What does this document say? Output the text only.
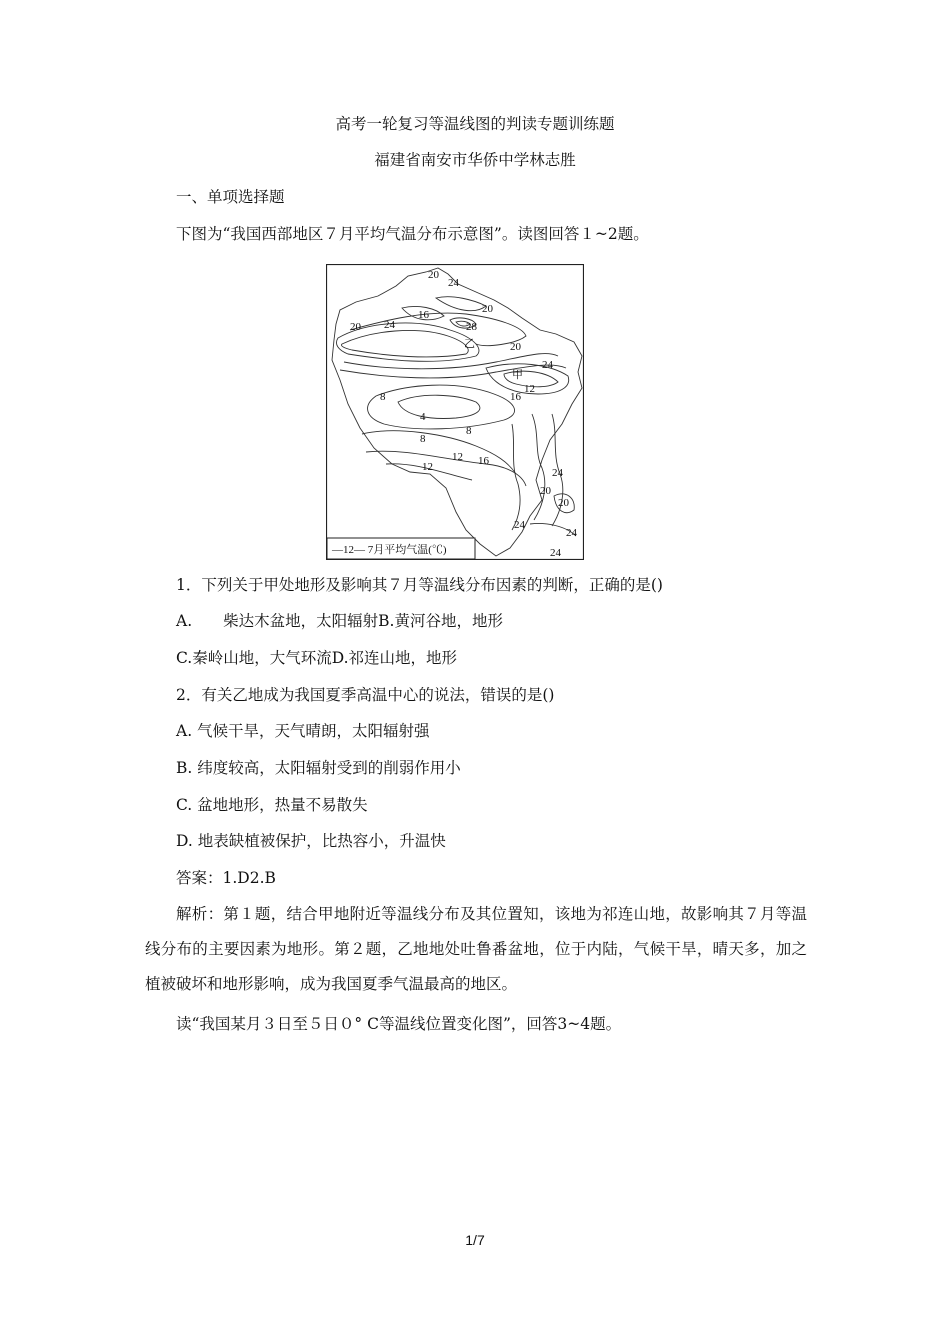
高考一轮复习等温线图的判读专题训练题
福建省南安市华侨中学林志胜
一、单项选择题
下图为“我国西部地区７月平均气温分布示意图”。读图回答１~2题。
20
24
20
16
20 24	28
乙	20
24
甲
12
16
8
4
8
8
12 16
12	24
20
20
24
24
24
—12— 7月平均气温(℃)
1．下列关于甲处地形及影响其７月等温线分布因素的判断，正确的是()
A.　　柴达木盆地，太阳辐射B.黄河谷地，地形
C.秦岭山地，大气环流D.祁连山地，地形
2．有关乙地成为我国夏季高温中心的说法，错误的是()
A. 气候干旱，天气晴朗，太阳辐射强
B. 纬度较高，太阳辐射受到的削弱作用小
C. 盆地地形，热量不易散失
D. 地表缺植被保护，比热容小，升温快
答案：1.D2.B
解析：第１题，结合甲地附近等温线分布及其位置知，该地为祁连山地，故影响其７月等温线分布的主要因素为地形。第２题，乙地地处吐鲁番盆地，位于内陆，气候干旱，晴天多，加之植被破坏和地形影响，成为我国夏季气温最高的地区。
读“我国某月３日至５日０° C等温线位置变化图”，回答3~4题。
1/7
